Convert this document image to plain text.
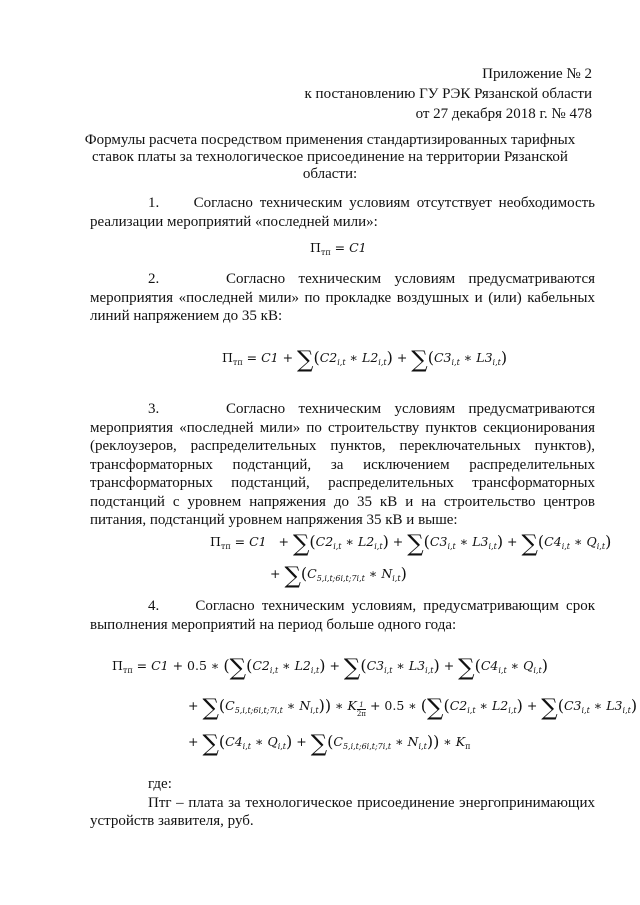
Приложение № 2
к постановлению ГУ РЭК Рязанской области
от 27 декабря 2018 г. № 478
Формулы расчета посредством применения стандартизированных тарифных ставок платы за технологическое присоединение на территории Рязанской области:
1.     Согласно техническим условиям отсутствует необходимость
реализации мероприятий «последней мили»:
$П_{тп} = C1$
2.     Согласно техническим условиям предусматриваются
мероприятия «последней мили» по прокладке воздушных и (или) кабельных
линий напряжением до 35 кВ:
$П_{тп} = C1 + \sum(C2_{i,t}$ ∗ $L2_{i,t}) + \sum(C3_{i,t}$ ∗ $L3_{i,t}$)
3.     Согласно техническим условиям предусматриваются
мероприятия «последней мили» по строительству пунктов секционирования
(реклоузеров, распределительных пунктов, переключательных пунктов),
трансформаторных подстанций, за исключением распределительных
трансформаторных подстанций, распределительных трансформаторных
подстанций с уровнем напряжения до 35 кВ и на строительство центров
питания, подстанций уровнем напряжения 35 кВ и выше:
$П_{тп} = C1 + \sum(C2_{i,t}$ ∗ $L2_{i,t}) + \sum(C3_{i,t}$ ∗ $L3_{i,t}) + \sum(C4_{i,t}$ ∗ $Q_{i,t}$)
+ $\sum(C_{5,i,t;6i,t;7i,t}$ ∗ $N_{i,t}$)
4.     Согласно техническим условиям, предусматривающим срок
выполнения мероприятий на период больше одного года:
$П_{тп} = C1 + 0.5$ ∗ ($\sum(C2_{i,t}$ ∗ $L2_{i,t}) + \sum(C3_{i,t}$ ∗ $L3_{i,t}) + \sum(C4_{i,t}$ ∗ $Q_{i,t}$)
+ $\sum(C_{5,i,t;6i,t;7i,t}$ ∗ $N_{i,t}$)) ∗ K $\frac{1}{2п} + 0.5$ ∗ ($\sum(C2_{i,t}$ ∗ $L2_{i,t}) + \sum(C3_{i,t}$ ∗ $L3_{i,t}$)
+ $\sum(C4_{i,t}$ ∗ $Q_{i,t}) + \sum(C_{5,i,t;6i,t;7i,t}$ ∗ $N_{i,t}$)) ∗ $K_п$
где:
Птг – плата за технологическое присоединение энергопринимающих
устройств заявителя, руб.
